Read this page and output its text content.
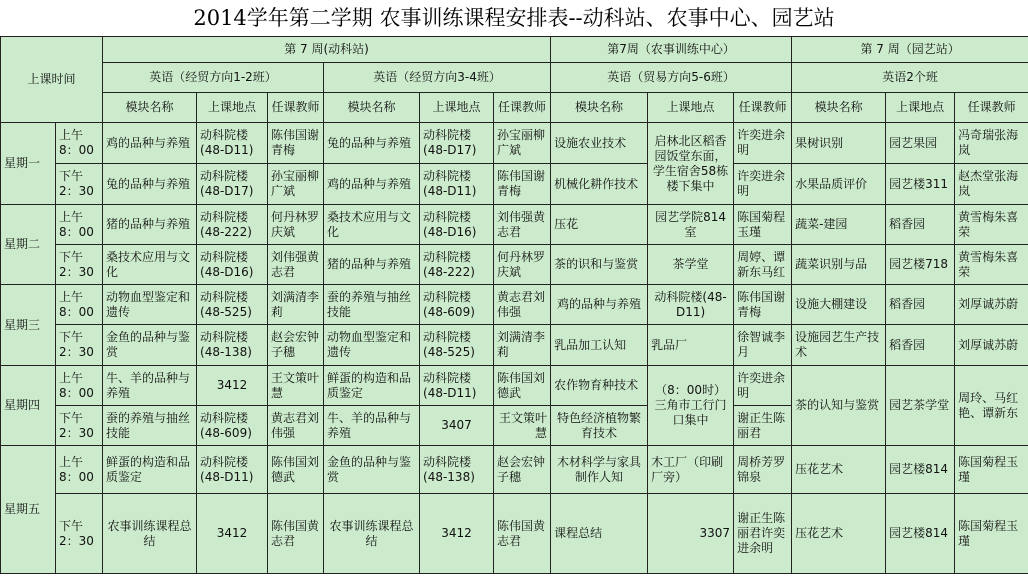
2014学年第二学期 农事训练课程安排表--动科站、农事中心、园艺站
上课时间		第 7 周(动科站)						第7周（农事训练中心）			第 7 周（园艺站）		
		英语（经贸方向1-2班）			英语（经贸方向3-4班）			英语（贸易方向5-6班）			英语2个班		
		模块名称	上课地点	任课教师	模块名称	上课地点	任课教师	模块名称	上课地点	任课教师	模块名称	上课地点	任课教师
星期一	上午 8：00	鸡的品种与养殖	动科院楼(48-D11)	陈伟国谢青梅	兔的品种与养殖	动科院楼(48-D17)	孙宝丽柳广斌	设施农业技术	启林北区稻香园饭堂东面，学生宿舍58栋楼下集中	许奕进余明	果树识别	园艺果园	冯奇瑞张海岚
	下午 2：30	兔的品种与养殖	动科院楼(48-D17)	孙宝丽柳广斌	鸡的品种与养殖	动科院楼(48-D11)	陈伟国谢青梅	机械化耕作技术		许奕进余明	水果品质评价	园艺楼311	赵杰堂张海岚
星期二	上午 8：00	猪的品种与养殖	动科院楼(48-222)	何丹林罗庆斌	桑技术应用与文化	动科院楼(48-D16)	刘伟强黄志君	压花	园艺学院814室	陈国菊程玉瑾	蔬菜-建园	稻香园	黄雪梅朱喜荣
	下午 2：30	桑技术应用与文化	动科院楼(48-D16)	刘伟强黄志君	猪的品种与养殖	动科院楼(48-222)	何丹林罗庆斌	茶的识和与鉴赏	茶学堂	周婷、谭新东马红	蔬菜识别与品	园艺楼718	黄雪梅朱喜荣
星期三	上午 8：00	动物血型鉴定和遗传	动科院楼(48-525)	刘满清李莉	蚕的养殖与抽丝技能	动科院楼(48-609)	黄志君刘伟强	鸡的品种与养殖	动科院楼(48-D11)	陈伟国谢青梅	设施大棚建设	稻香园	刘厚诚苏蔚
	下午 2：30	金鱼的品种与鉴赏	动科院楼(48-138)	赵会宏钟子穗	动物血型鉴定和遗传	动科院楼(48-525)	刘满清李莉	乳品加工认知	乳品厂	徐智诚李月	设施园艺生产技术	稻香园	刘厚诚苏蔚
星期四	上午 8：00	牛、羊的品种与养殖	3412	王文策叶慧	鲜蛋的构造和品质鉴定	动科院楼(48-D11)	陈伟国刘德武	农作物育种技术	（8：00时）三角市工行门口集中	许奕进余明	茶的认知与鉴赏	园艺茶学堂	周玲、马红艳、谭新东
	下午 2：30	蚕的养殖与抽丝技能	动科院楼(48-609)	黄志君刘伟强	牛、羊的品种与养殖	3407	王文策叶慧	特色经济植物繁育技术		谢正生陈丽君			
星期五	上午 8：00	鲜蛋的构造和品质鉴定	动科院楼(48-D11)	陈伟国刘德武	金鱼的品种与鉴赏	动科院楼(48-138)	赵会宏钟子穗	木材科学与家具制作人知	木工厂（印刷厂旁）	周桥芳罗锦泉	压花艺术	园艺楼814	陈国菊程玉瑾
	下午 2：30	农事训练课程总结	3412	陈伟国黄志君	农事训练课程总结	3412	陈伟国黄志君	课程总结	3307	谢正生陈丽君许奕进余明	压花艺术	园艺楼814	陈国菊程玉瑾
